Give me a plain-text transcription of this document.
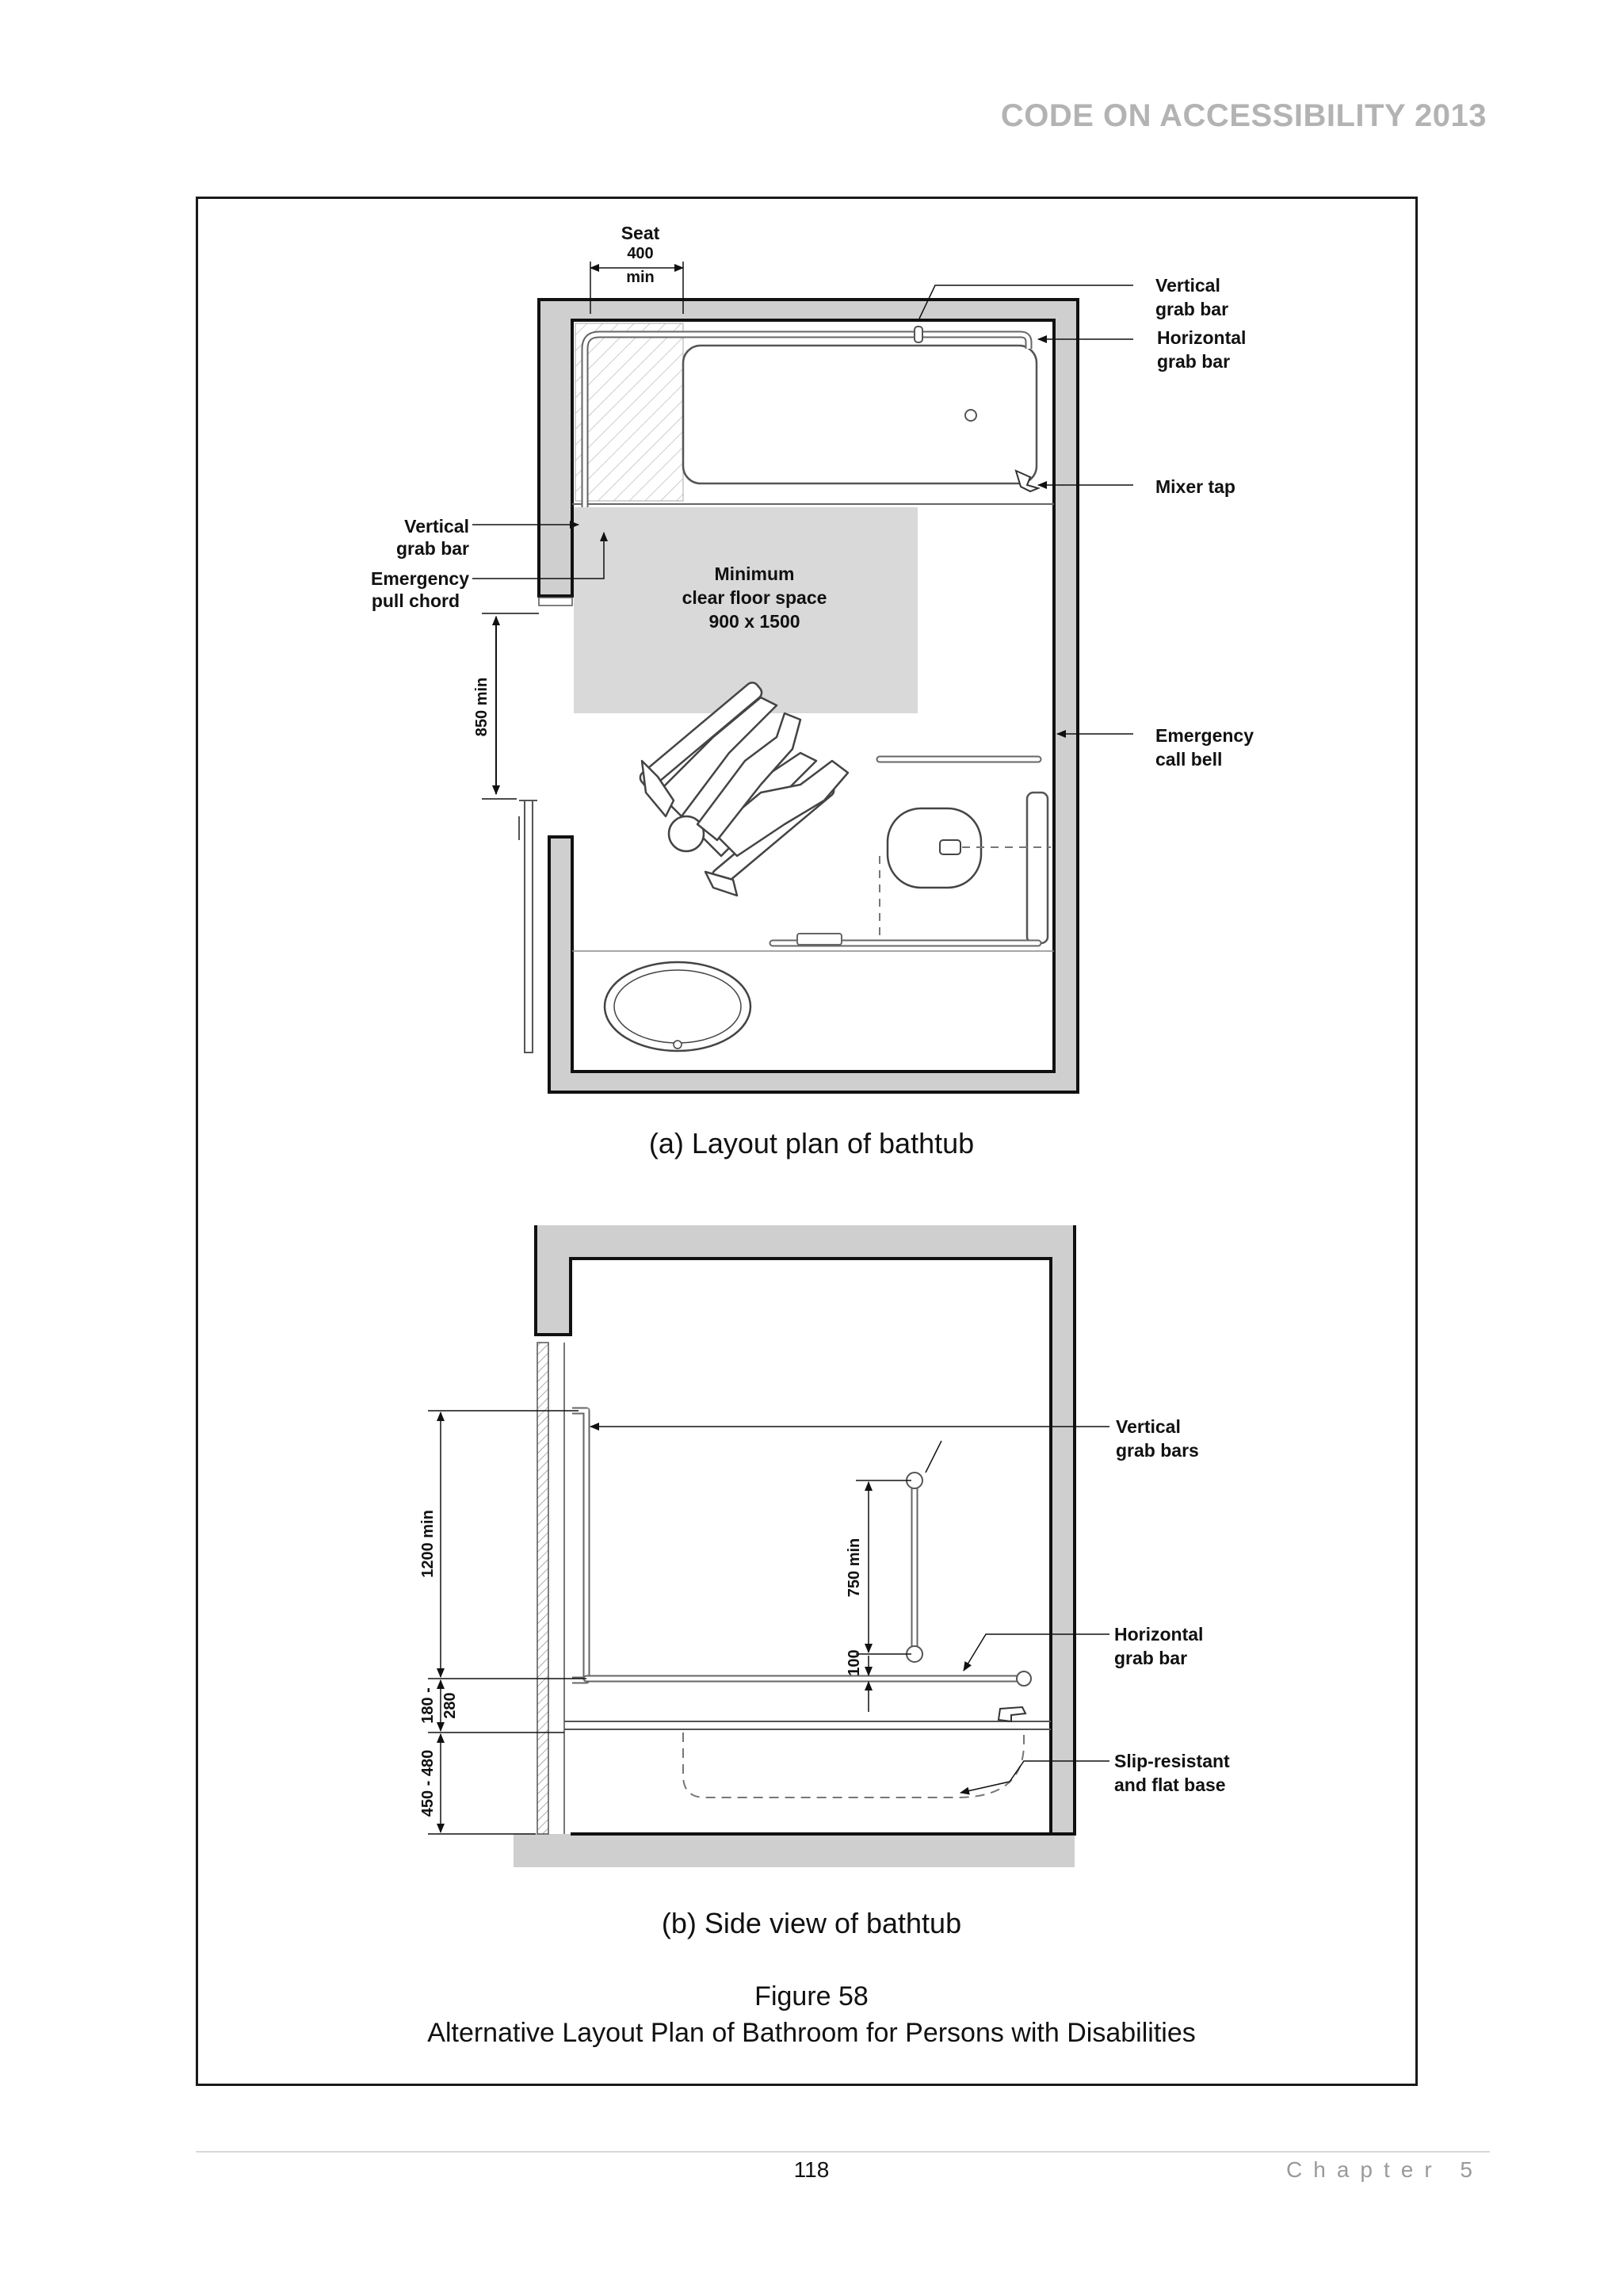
CODE ON ACCESSIBILITY 2013
Seat
400
min	Vertical
grab bar
Horizontal
grab bar
Mixer tap
Vertical
grab bar
Emergency
pull chord
Minimum
clear floor space
900 x 1500
850 min	Emergency
call bell
Vertical
grab bars
Horizontal
grab bar
Slip-resistant
and flat base
1200 min
180 - 280
450 - 480
750 min
100
(a) Layout plan of bathtub
(b) Side view of bathtub
Figure 58
Alternative Layout Plan of Bathroom for Persons with Disabilities
118	Chapter 5
